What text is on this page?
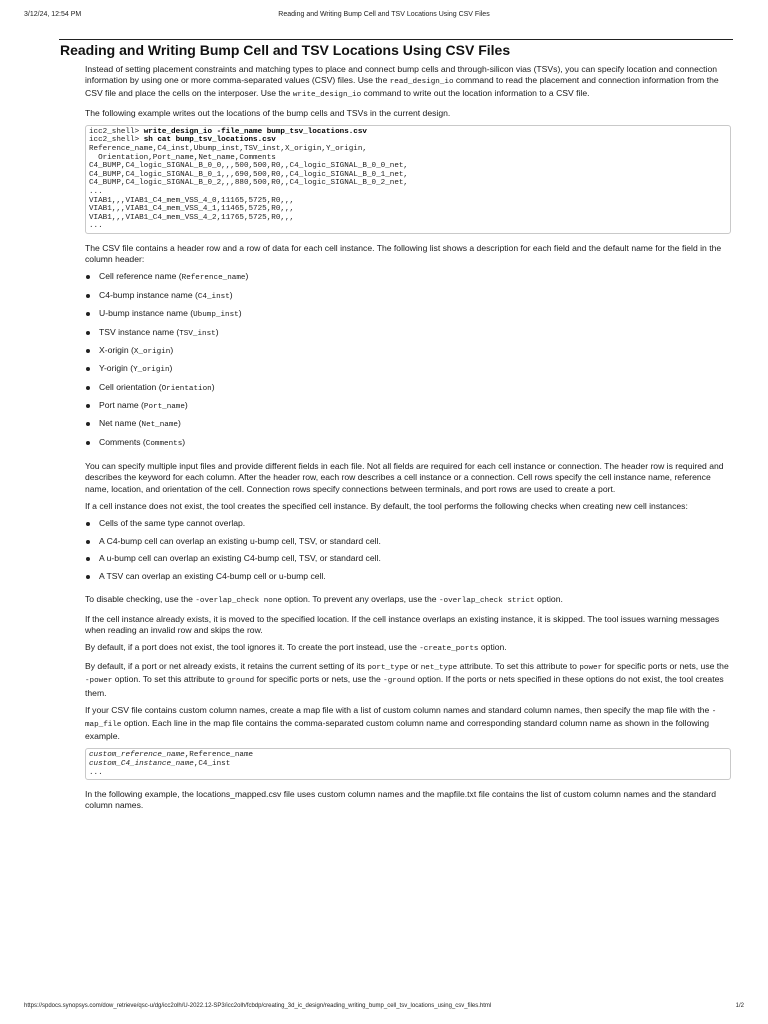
3/12/24, 12:54 PM	Reading and Writing Bump Cell and TSV Locations Using CSV Files
Reading and Writing Bump Cell and TSV Locations Using CSV Files

Instead of setting placement constraints and matching types to place and connect bump cells and through-silicon vias (TSVs), you can specify location and connection information by using one or more comma-separated values (CSV) files. Use the read_design_io command to read the placement and connection information from the CSV file and place the cells on the interposer. Use the write_design_io command to write out the location information to a CSV file.

The following example writes out the locations of the bump cells and TSVs in the current design.

icc2_shell> write_design_io -file_name bump_tsv_locations.csv
icc2_shell> sh cat bump_tsv_locations.csv
Reference_name,C4_inst,Ubump_inst,TSV_inst,X_origin,Y_origin,
Orientation,Port_name,Net_name,Comments
C4_BUMP,C4_logic_SIGNAL_B_0_0,,,500,500,R0,,C4_logic_SIGNAL_B_0_0_net,
C4_BUMP,C4_logic_SIGNAL_B_0_1,,,690,500,R0,,C4_logic_SIGNAL_B_0_1_net,
C4_BUMP,C4_logic_SIGNAL_B_0_2,,,880,500,R0,,C4_logic_SIGNAL_B_0_2_net,
...
VIAB1,,,VIAB1_C4_mem_VSS_4_0,11165,5725,R0,,,
VIAB1,,,VIAB1_C4_mem_VSS_4_1,11465,5725,R0,,,
VIAB1,,,VIAB1_C4_mem_VSS_4_2,11765,5725,R0,,,
...

The CSV file contains a header row and a row of data for each cell instance. The following list shows a description for each field and the default name for the field in the column header:

Cell reference name (Reference_name)
C4-bump instance name (C4_inst)
U-bump instance name (Ubump_inst)
TSV instance name (TSV_inst)
X-origin (X_origin)
Y-origin (Y_origin)
Cell orientation (Orientation)
Port name (Port_name)
Net name (Net_name)
Comments (Comments)

You can specify multiple input files and provide different fields in each file. Not all fields are required for each cell instance or connection. The header row is required and describes the keyword for each column. After the header row, each row describes a cell instance or a connection. Cell rows specify the cell instance name, reference name, location, and orientation of the cell. Connection rows specify connections between terminals, and port rows are used to create a port.

If a cell instance does not exist, the tool creates the specified cell instance. By default, the tool performs the following checks when creating new cell instances:

Cells of the same type cannot overlap.
A C4-bump cell can overlap an existing u-bump cell, TSV, or standard cell.
A u-bump cell can overlap an existing C4-bump cell, TSV, or standard cell.
A TSV can overlap an existing C4-bump cell or u-bump cell.

To disable checking, use the -overlap_check none option. To prevent any overlaps, use the -overlap_check strict option.

If the cell instance already exists, it is moved to the specified location. If the cell instance overlaps an existing instance, it is skipped. The tool issues warning messages when reading an invalid row and skips the row.

By default, if a port does not exist, the tool ignores it. To create the port instead, use the -create_ports option.

By default, if a port or net already exists, it retains the current setting of its port_type or net_type attribute. To set this attribute to power for specific ports or nets, use the -power option. To set this attribute to ground for specific ports or nets, use the -ground option. If the ports or nets specified in these options do not exist, the tool creates them.

If your CSV file contains custom column names, create a map file with a list of custom column names and standard column names, then specify the map file with the -map_file option. Each line in the map file contains the comma-separated custom column name and corresponding standard column name as shown in the following example.

custom_reference_name,Reference_name
custom_C4_instance_name,C4_inst
...

In the following example, the locations_mapped.csv file uses custom column names and the mapfile.txt file contains the list of custom column names and the standard column names.

https://spdocs.synopsys.com/dow_retrieve/qsc-u/dg/icc2olh/U-2022.12-SP3/icc2olh/fcbdp/creating_3d_ic_design/reading_writing_bump_cell_tsv_locations_using_csv_files.html	1/2
